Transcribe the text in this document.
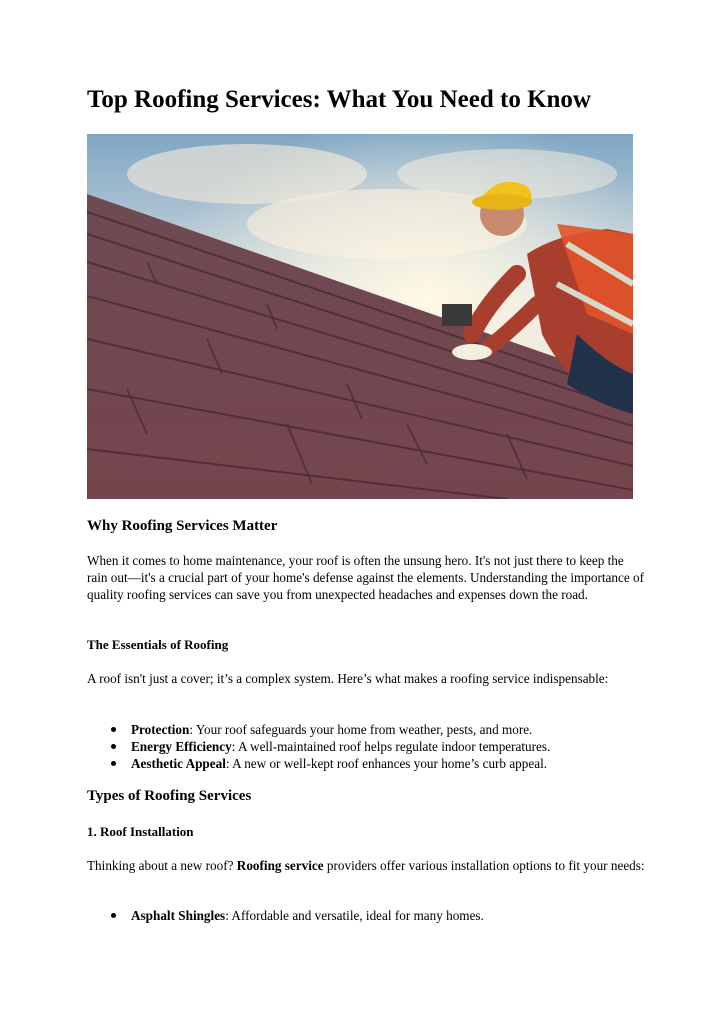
Top Roofing Services: What You Need to Know
Why Roofing Services Matter

When it comes to home maintenance, your roof is often the unsung hero. It's not just there to keep the rain out—it's a crucial part of your home's defense against the elements. Understanding the importance of quality roofing services can save you from unexpected headaches and expenses down the road.

The Essentials of Roofing

A roof isn't just a cover; it’s a complex system. Here’s what makes a roofing service indispensable:

Protection: Your roof safeguards your home from weather, pests, and more.
Energy Efficiency: A well-maintained roof helps regulate indoor temperatures.
Aesthetic Appeal: A new or well-kept roof enhances your home’s curb appeal.
Types of Roofing Services
1. Roof Installation

Thinking about a new roof? Roofing service providers offer various installation options to fit your needs:

Asphalt Shingles: Affordable and versatile, ideal for many homes.
